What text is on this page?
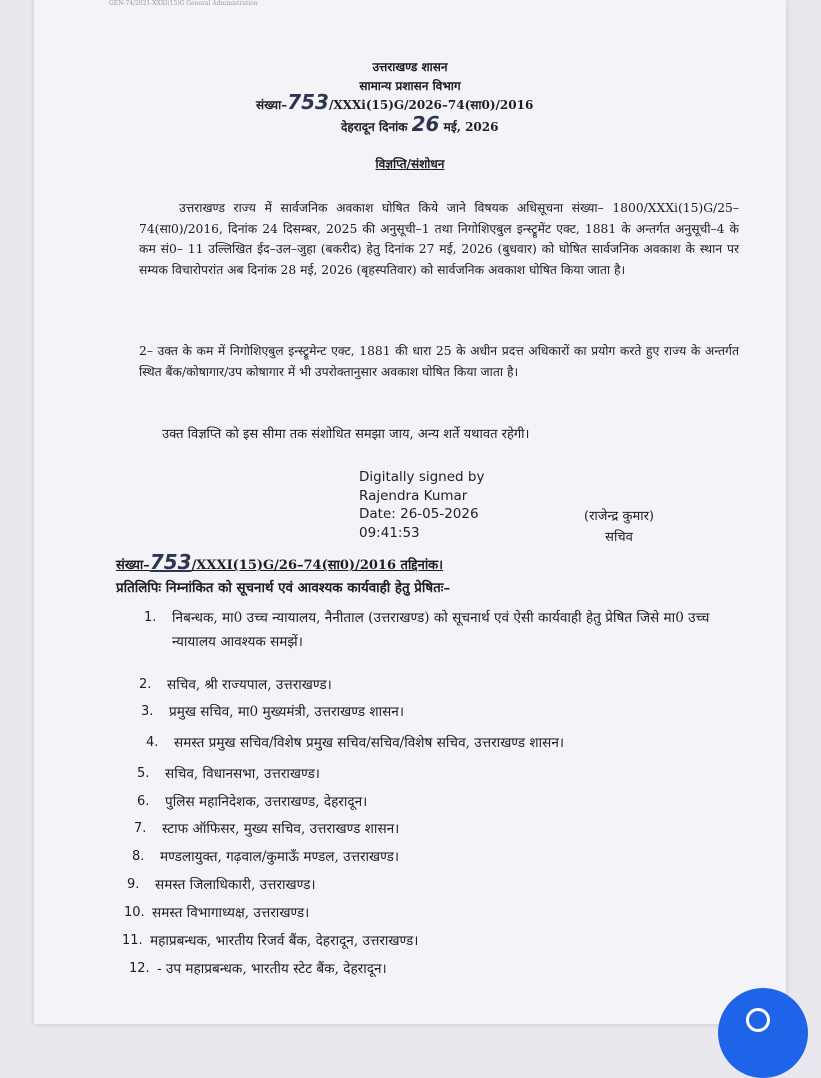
GEN-74/2021-XXXI(15)G General Administration
उत्तराखण्ड शासन
सामान्य प्रशासन विभाग
संख्या–753/XXXi(15)G/2026–74(सा0)/2016
देहरादून दिनांक 26 मई, 2026
विज्ञप्ति/संशोधन
उत्तराखण्ड राज्य में सार्वजनिक अवकाश घोषित किये जाने विषयक अधिसूचना संख्या– 1800/XXXi(15)G/25–74(सा0)/2016, दिनांक 24 दिसम्बर, 2025 की अनुसूची–1 तथा निगोशिएबुल इन्स्ट्रूमेंट एक्ट, 1881 के अन्तर्गत अनुसूची–4 के कम सं0– 11 उल्लिखित ईद–उल–जुहा (बकरीद) हेतु दिनांक 27 मई, 2026 (बुधवार) को घोषित सार्वजनिक अवकाश के स्थान पर सम्यक विचारोपरांत अब दिनांक 28 मई, 2026 (बृहस्पतिवार) को सार्वजनिक अवकाश घोषित किया जाता है।
2– उक्त के कम में निगोशिएबुल इन्स्ट्रूमेन्ट एक्ट, 1881 की धारा 25 के अधीन प्रदत्त अधिकारों का प्रयोग करते हुए राज्य के अन्तर्गत स्थित बैंक/कोषागार/उप कोषागार में भी उपरोक्तानुसार अवकाश घोषित किया जाता है।
उक्त विज्ञप्ति को इस सीमा तक संशोधित समझा जाय, अन्य शर्ते यथावत रहेगी।
Digitally signed by
Rajendra Kumar
Date: 26-05-2026
09:41:53
(राजेन्द्र कुमार)
सचिव
संख्या–753/XXXI(15)G/26–74(सा0)/2016 तद्दिनांक।
प्रतिलिपिः निम्नांकित को सूचनार्थ एवं आवश्यक कार्यवाही हेतु प्रेषितः–
1. निबन्धक, मा0 उच्च न्यायालय, नैनीताल (उत्तराखण्ड) को सूचनार्थ एवं ऐसी कार्यवाही हेतु प्रेषित जिसे मा0 उच्च न्यायालय आवश्यक समझें।
2. सचिव, श्री राज्यपाल, उत्तराखण्ड।
3. प्रमुख सचिव, मा0 मुख्यमंत्री, उत्तराखण्ड शासन।
4. समस्त प्रमुख सचिव/विशेष प्रमुख सचिव/सचिव/विशेष सचिव, उत्तराखण्ड शासन।
5. सचिव, विधानसभा, उत्तराखण्ड।
6. पुलिस महानिदेशक, उत्तराखण्ड, देहरादून।
7. स्टाफ ऑफिसर, मुख्य सचिव, उत्तराखण्ड शासन।
8. मण्डलायुक्त, गढ़वाल/कुमाऊँ मण्डल, उत्तराखण्ड।
9. समस्त जिलाधिकारी, उत्तराखण्ड।
10. समस्त विभागाध्यक्ष, उत्तराखण्ड।
11. महाप्रबन्धक, भारतीय रिजर्व बैंक, देहरादून, उत्तराखण्ड।
12. - उप महाप्रबन्धक, भारतीय स्टेट बैंक, देहरादून।
